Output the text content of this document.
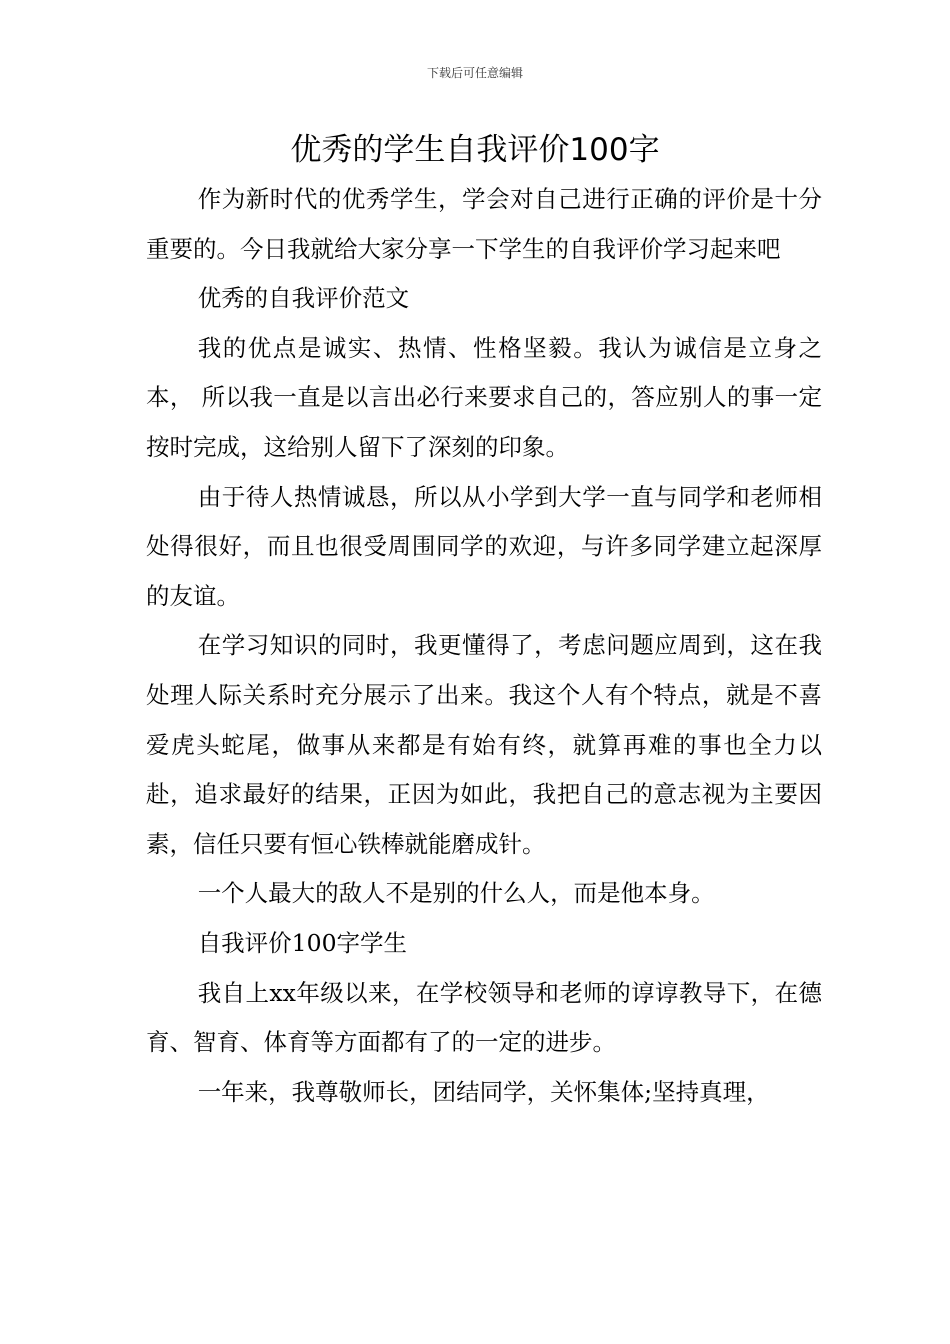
下载后可任意编辑
优秀的学生自我评价100字

作为新时代的优秀学生，学会对自己进行正确的评价是十分重要的。今日我就给大家分享一下学生的自我评价学习起来吧

优秀的自我评价范文

我的优点是诚实、热情、性格坚毅。我认为诚信是立身之本， 所以我一直是以言出必行来要求自己的，答应别人的事一定按时完成，这给别人留下了深刻的印象。

由于待人热情诚恳，所以从小学到大学一直与同学和老师相处得很好，而且也很受周围同学的欢迎，与许多同学建立起深厚的友谊。

在学习知识的同时，我更懂得了，考虑问题应周到，这在我处理人际关系时充分展示了出来。我这个人有个特点，就是不喜爱虎头蛇尾，做事从来都是有始有终，就算再难的事也全力以赴，追求最好的结果，正因为如此，我把自己的意志视为主要因素，信任只要有恒心铁棒就能磨成针。

一个人最大的敌人不是别的什么人，而是他本身。

自我评价100字学生

我自上xx年级以来，在学校领导和老师的谆谆教导下，在德育、智育、体育等方面都有了的一定的进步。

一年来，我尊敬师长，团结同学，关怀集体;坚持真理，
